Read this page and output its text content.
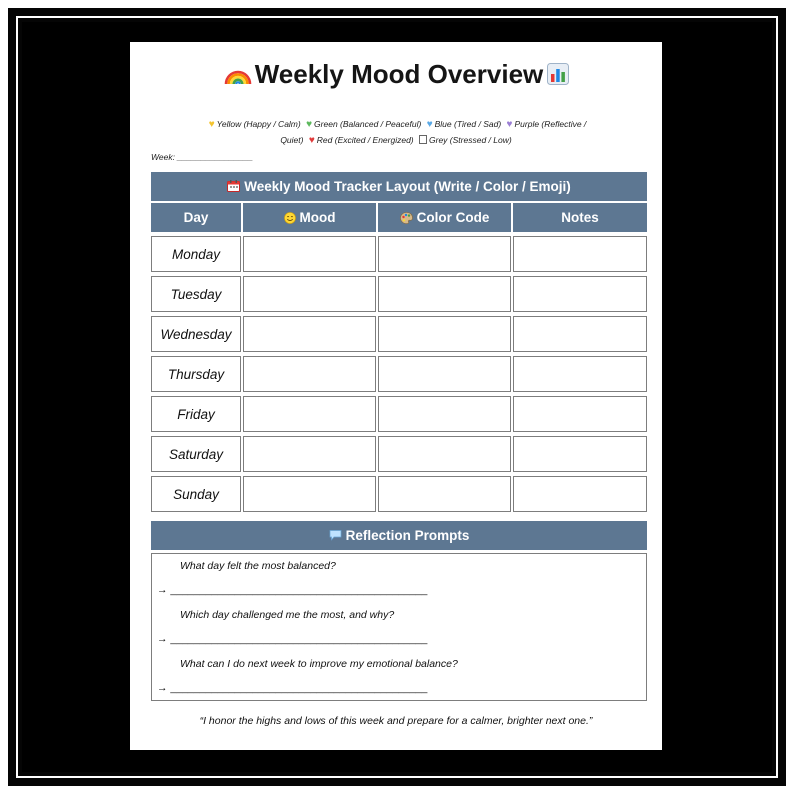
Weekly Mood Overview
♥ Yellow (Happy / Calm) ♥ Green (Balanced / Peaceful) ♥ Blue (Tired / Sad) ♥ Purple (Reflective /
Quiet) ♥ Red (Excited / Energized) Grey (Stressed / Low)
Week: ________________
Weekly Mood Tracker Layout (Write / Color / Emoji)
Day	Mood	Color Code	Notes
Monday
Tuesday
Wednesday
Thursday
Friday
Saturday
Sunday
Reflection Prompts
What day felt the most balanced?
→ ____________________________________________
Which day challenged me the most, and why?
→ ____________________________________________
What can I do next week to improve my emotional balance?
→ ____________________________________________
“I honor the highs and lows of this week and prepare for a calmer, brighter next one.”
